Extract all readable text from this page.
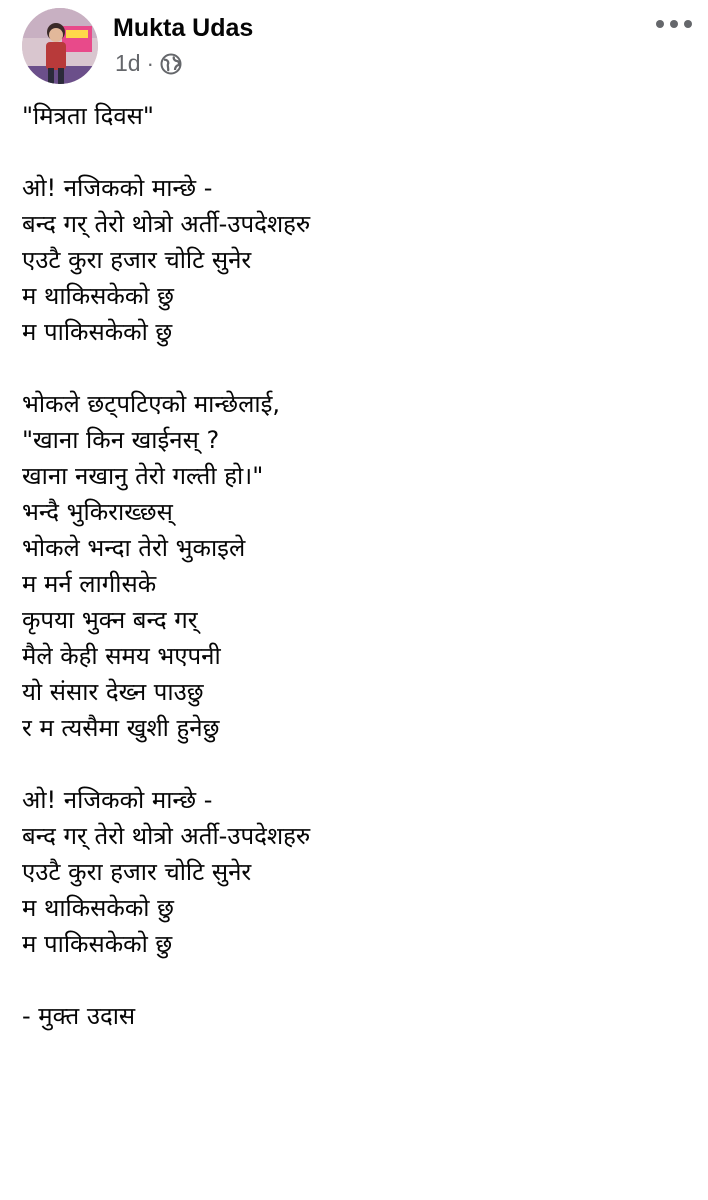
Mukta Udas
1d ·

"मित्रता दिवस"

ओ! नजिकको मान्छे -
बन्द गर् तेरो थोत्रो अर्ती-उपदेशहरु
एउटै कुरा हजार चोटि सुनेर
म थाकिसकेको छु
म पाकिसकेको छु
भोकले छट्पटिएको मान्छेलाई,
"खाना किन खाईनस् ?
खाना नखानु तेरो गल्ती हो।"
भन्दै भुकिराख्छस्
भोकले भन्दा तेरो भुकाइले
म मर्न लागीसके
कृपया भुक्न बन्द गर्
मैले केही समय भएपनी
यो संसार देख्न पाउछु
र म त्यसैमा खुशी हुनेछु
ओ! नजिकको मान्छे -
बन्द गर् तेरो थोत्रो अर्ती-उपदेशहरु
एउटै कुरा हजार चोटि सुनेर
म थाकिसकेको छु
म पाकिसकेको छु

- मुक्त उदास
